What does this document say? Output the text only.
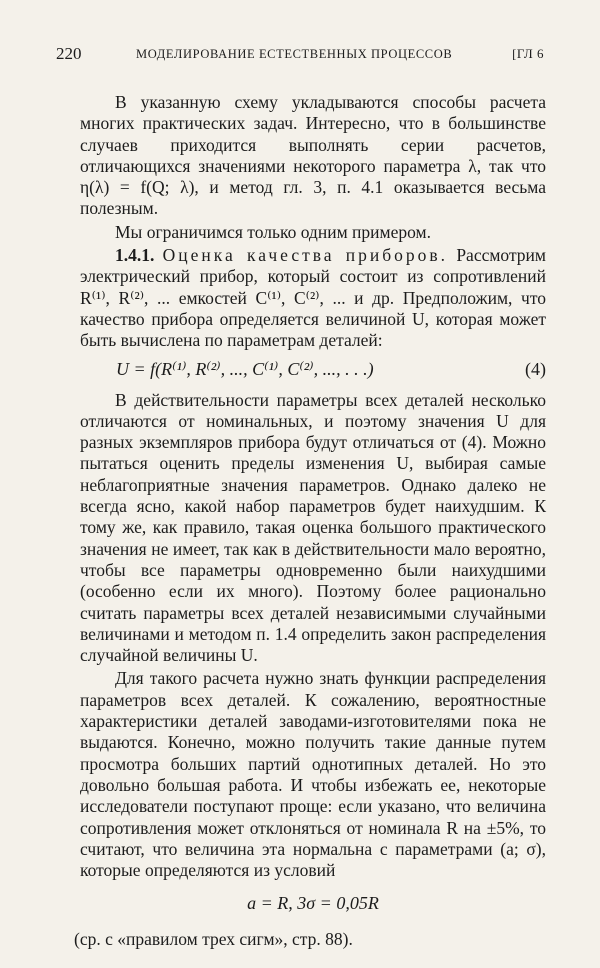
220	МОДЕЛИРОВАНИЕ ЕСТЕСТВЕННЫХ ПРОЦЕССОВ	[ГЛ 6

В указанную схему укладываются способы расчета многих практических задач. Интересно, что в большинстве случаев приходится выполнять серии расчетов, отличающихся значениями некоторого параметра λ, так что η(λ) = f(Q; λ), и метод гл. 3, п. 4.1 оказывается весьма полезным.

Мы ограничимся только одним примером.

1.4.1. Оценка качества приборов. Рассмотрим электрический прибор, который состоит из сопротивлений R⁽¹⁾, R⁽²⁾, ... емкостей C⁽¹⁾, C⁽²⁾, ... и др. Предположим, что качество прибора определяется величиной U, которая может быть вычислена по параметрам деталей:

U = f(R⁽¹⁾, R⁽²⁾, ..., C⁽¹⁾, C⁽²⁾, ..., . . .)	(4)

В действительности параметры всех деталей несколько отличаются от номинальных, и поэтому значения U для разных экземпляров прибора будут отличаться от (4). Можно пытаться оценить пределы изменения U, выбирая самые неблагоприятные значения параметров. Однако далеко не всегда ясно, какой набор параметров будет наихудшим. К тому же, как правило, такая оценка большого практического значения не имеет, так как в действительности мало вероятно, чтобы все параметры одновременно были наихудшими (особенно если их много). Поэтому более рационально считать параметры всех деталей независимыми случайными величинами и методом п. 1.4 определить закон распределения случайной величины U.

Для такого расчета нужно знать функции распределения параметров всех деталей. К сожалению, вероятностные характеристики деталей заводами-изготовителями пока не выдаются. Конечно, можно получить такие данные путем просмотра больших партий однотипных деталей. Но это довольно большая работа. И чтобы избежать ее, некоторые исследователи поступают проще: если указано, что величина сопротивления может отклоняться от номинала R на ±5%, то считают, что величина эта нормальна с параметрами (a; σ), которые определяются из условий

a = R, 3σ = 0,05R

(ср. с «правилом трех сигм», стр. 88).
